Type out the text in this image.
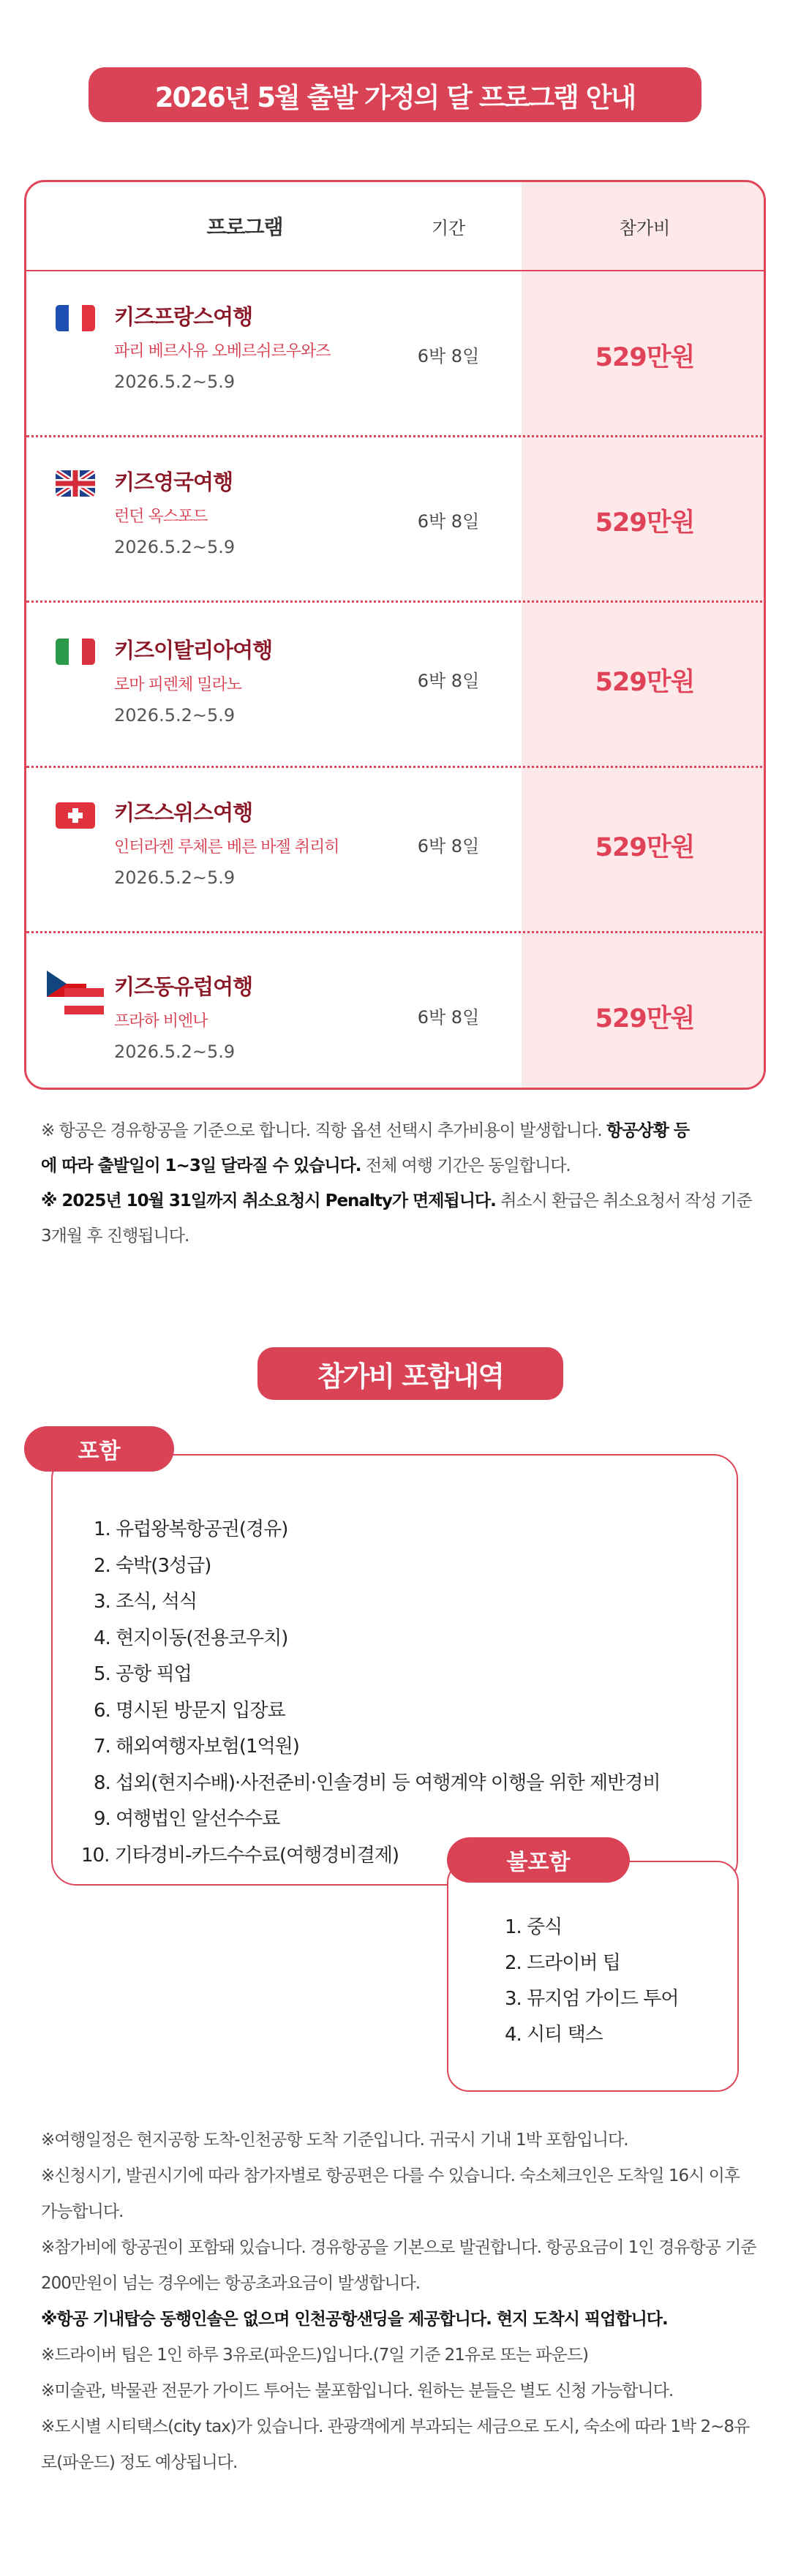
2026년 5월 출발 가정의 달 프로그램 안내
프로그램	기간	참가비
키즈프랑스여행
파리 베르사유 오베르쉬르우와즈
2026.5.2~5.9
6박 8일	529만원
키즈영국여행
런던 옥스포드
2026.5.2~5.9
6박 8일	529만원
키즈이탈리아여행
로마 피렌체 밀라노
2026.5.2~5.9
6박 8일	529만원
키즈스위스여행
인터라켄 루체른 베른 바젤 취리히
2026.5.2~5.9
6박 8일	529만원
키즈동유럽여행
프라하 비엔나
2026.5.2~5.9
6박 8일	529만원
※ 항공은 경유항공을 기준으로 합니다. 직항 옵션 선택시 추가비용이 발생합니다. 항공상황 등
에 따라 출발일이 1~3일 달라질 수 있습니다. 전체 여행 기간은 동일합니다.
※ 2025년 10월 31일까지 취소요청시 Penalty가 면제됩니다. 취소시 환급은 취소요청서 작성 기준 3개월 후 진행됩니다.
참가비 포함내역
포함
1. 유럽왕복항공권(경유)
2. 숙박(3성급)
3. 조식, 석식
4. 현지이동(전용코우치)
5. 공항 픽업
6. 명시된 방문지 입장료
7. 해외여행자보험(1억원)
8. 섭외(현지수배)·사전준비·인솔경비 등 여행계약 이행을 위한 제반경비
9. 여행법인 알선수수료
10. 기타경비-카드수수료(여행경비결제)	불포함
1. 중식
2. 드라이버 팁
3. 뮤지엄 가이드 투어
4. 시티 택스
※여행일정은 현지공항 도착-인천공항 도착 기준입니다. 귀국시 기내 1박 포함입니다.
※신청시기, 발권시기에 따라 참가자별로 항공편은 다를 수 있습니다. 숙소체크인은 도착일 16시 이후 가능합니다.
※참가비에 항공권이 포함돼 있습니다. 경유항공을 기본으로 발권합니다. 항공요금이 1인 경유항공 기준 200만원이 넘는 경우에는 항공초과요금이 발생합니다.
※항공 기내탑승 동행인솔은 없으며 인천공항샌딩을 제공합니다. 현지 도착시 픽업합니다.
※드라이버 팁은 1인 하루 3유로(파운드)입니다.(7일 기준 21유로 또는 파운드)
※미술관, 박물관 전문가 가이드 투어는 불포함입니다. 원하는 분들은 별도 신청 가능합니다.
※도시별 시티택스(city tax)가 있습니다. 관광객에게 부과되는 세금으로 도시, 숙소에 따라 1박 2~8유로(파운드) 정도 예상됩니다.
